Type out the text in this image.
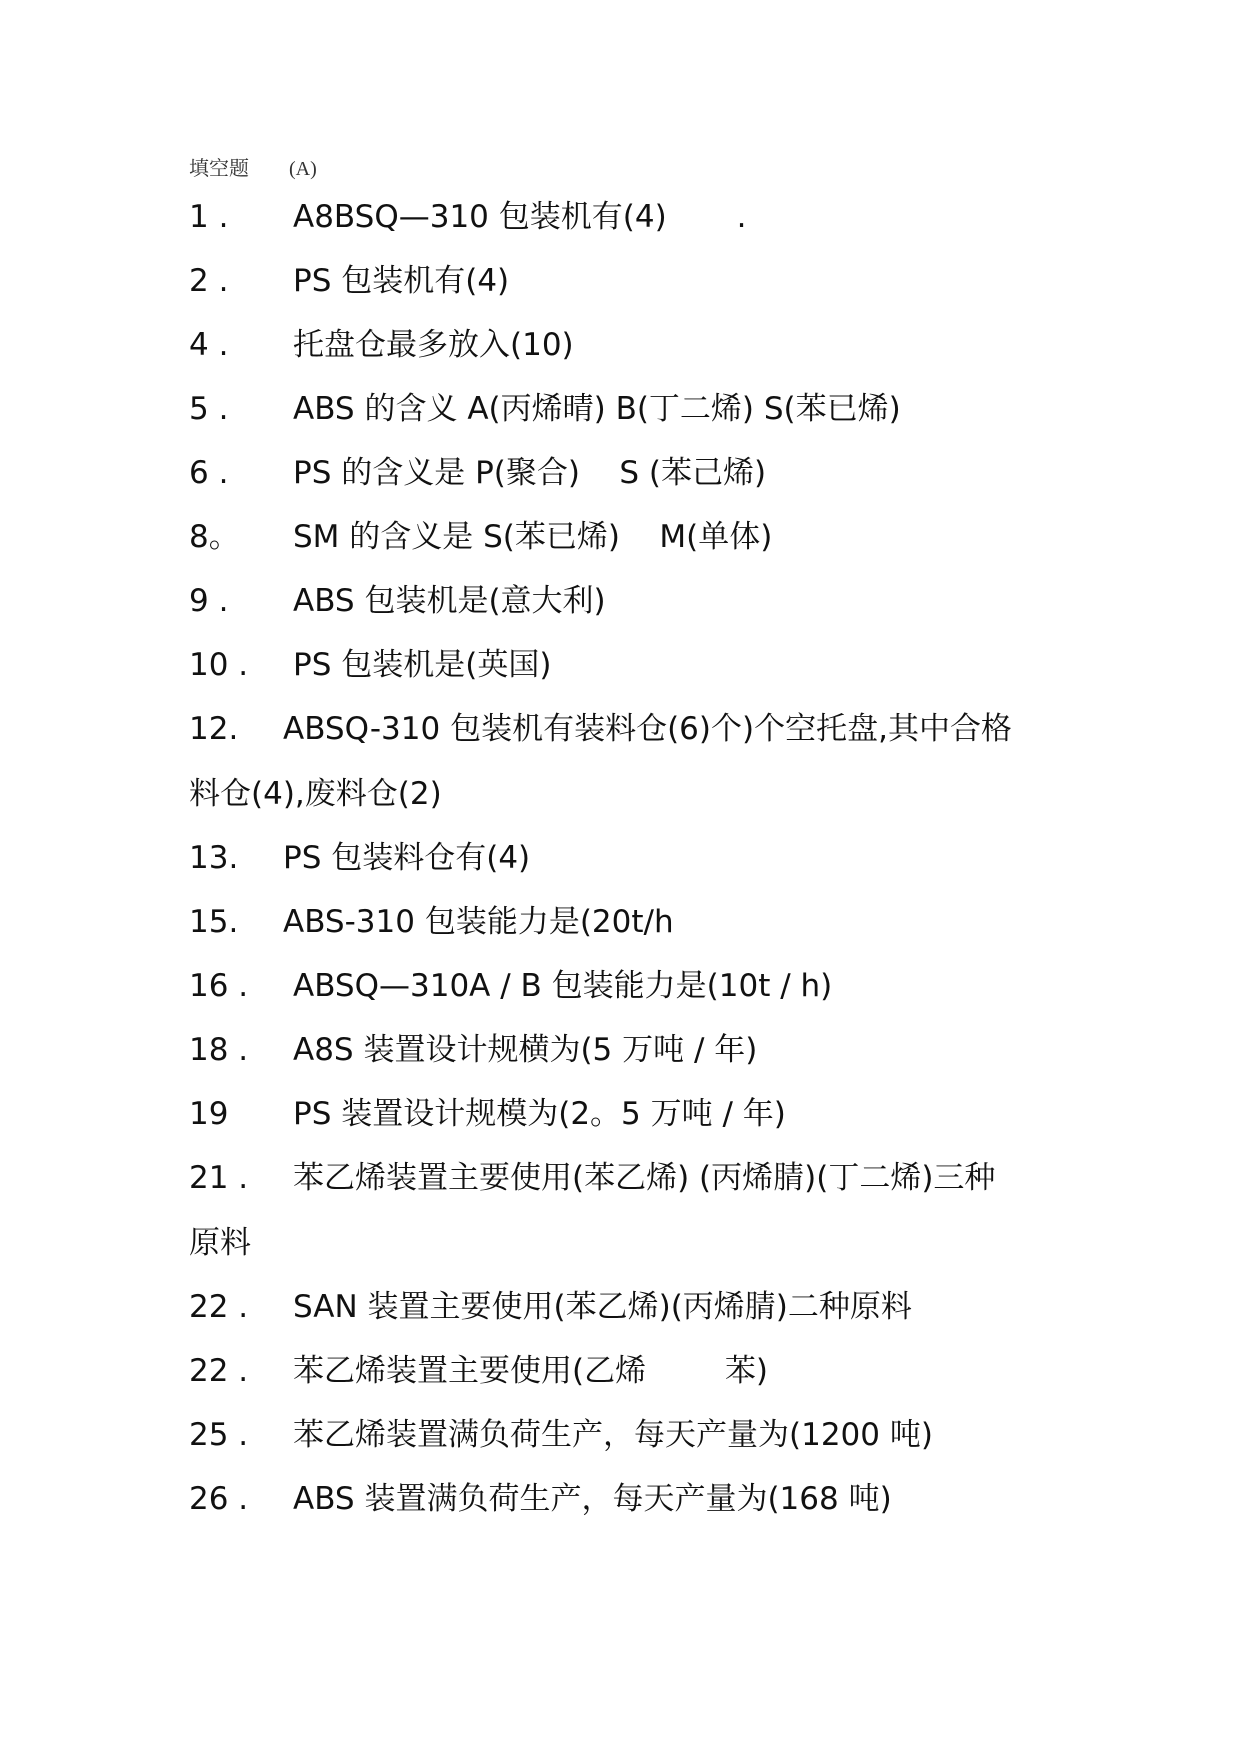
填空题 (A)
1 . A8BSQ—310 包装机有(4) .
2 . PS 包装机有(4)
4 . 托盘仓最多放入(10)
5 . ABS 的含义 A(丙烯晴) B(丁二烯) S(苯已烯)
6 . PS 的含义是 P(聚合)    S (苯己烯)
8。 SM 的含义是 S(苯已烯)    M(单体)
9 . ABS 包装机是(意大利)
10 . PS 包装机是(英国)
12. ABSQ-310 包装机有装料仓(6)个)个空托盘,其中合格
料仓(4),废料仓(2)
13. PS 包装料仓有(4)
15. ABS-310 包装能力是(20t/h
16 . ABSQ—310A / B 包装能力是(10t / h)
18 . A8S 装置设计规横为(5 万吨 / 年)
19 PS 装置设计规模为(2。5 万吨 / 年)
21 . 苯乙烯装置主要使用(苯乙烯) (丙烯腈)(丁二烯)三种
原料
22 . SAN 装置主要使用(苯乙烯)(丙烯腈)二种原料
22 . 苯乙烯装置主要使用(乙烯        苯)
25 . 苯乙烯装置满负荷生产，每天产量为(1200 吨)
26 . ABS 装置满负荷生产，每天产量为(168 吨)
